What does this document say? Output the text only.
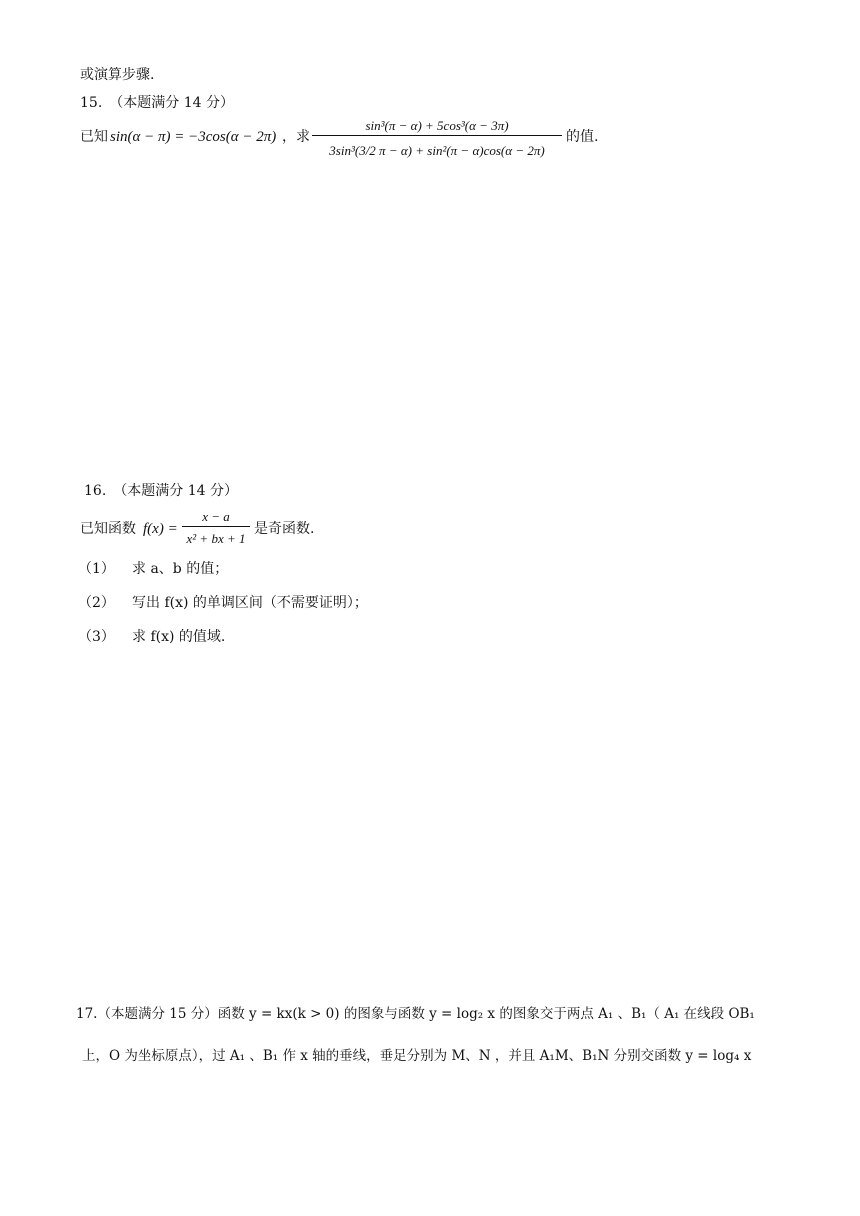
或演算步骤.
15.　（本题满分 14 分）
已知 sin(α − π) = −3cos(α − 2π) ，求 $\frac{\text{sin³(π − α) + 5cos³(α − 3π)}}{\text{3sin³(3/2 π − α) + sin²(π − α)cos(α − 2π)}}$ 的值.
16.　（本题满分 14 分）
已知函数 $f(x) = \frac{x - a}{\text{x² + bx + 1}}$ 是奇函数.
（1） 求 a、b 的值；
（2） 写出 f(x) 的单调区间（不需要证明）；
（3） 求 f(x) 的值域.
17.（本题满分 15 分）函数 y = kx(k > 0) 的图象与函数 y = log₂ x 的图象交于两点 A₁ 、B₁（ A₁ 在线段 OB₁
上，O 为坐标原点），过 A₁ 、B₁ 作 x 轴的垂线，垂足分别为 M、N ，并且 A₁M、B₁N 分别交函数 y = log₄ x
